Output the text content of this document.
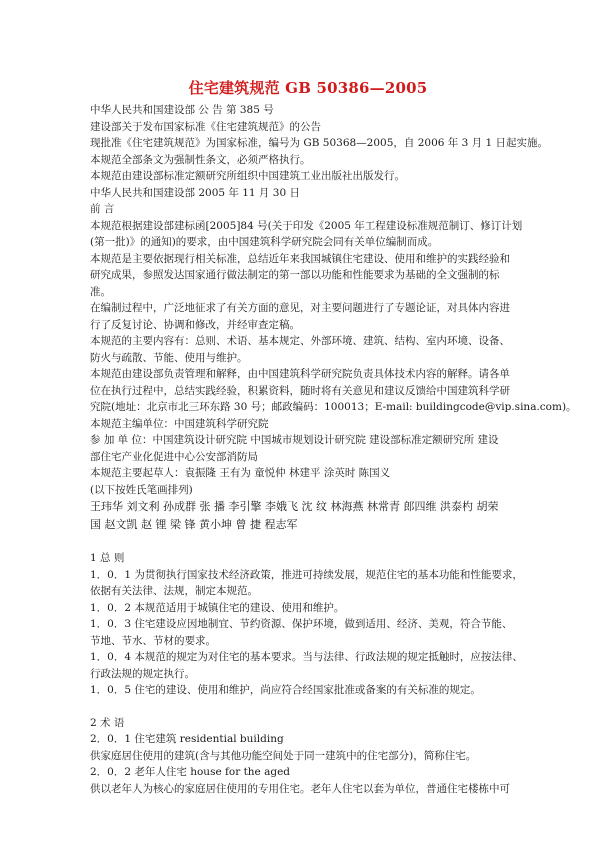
住宅建筑规范 GB 50386—2005
中华人民共和国建设部 公 告 第 385 号
建设部关于发布国家标准《住宅建筑规范》的公告
现批准《住宅建筑规范》为国家标准，编号为 GB 50368—2005，自 2006 年 3 月 1 日起实施。
本规范全部条文为强制性条文，必须严格执行。
本规范由建设部标准定额研究所组织中国建筑工业出版社出版发行。
中华人民共和国建设部 2005 年 11 月 30 日
前 言

本规范根据建设部建标函[2005]84 号(关于印发《2005 年工程建设标准规范制订、修订计划
(第一批)》的通知)的要求，由中国建筑科学研究院会同有关单位编制而成。

本规范是主要依据现行相关标准，总结近年来我国城镇住宅建设、使用和维护的实践经验和
研究成果，参照发达国家通行做法制定的第一部以功能和性能要求为基础的全文强制的标
准。

在编制过程中，广泛地征求了有关方面的意见，对主要问题进行了专题论证，对具体内容进
行了反复讨论、协调和修改，并经审查定稿。

本规范的主要内容有：总则、术语、基本规定、外部环境、建筑、结构、室内环境、设备、
防火与疏散、节能、使用与维护。

本规范由建设部负责管理和解释，由中国建筑科学研究院负责具体技术内容的解释。请各单
位在执行过程中，总结实践经验，积累资料，随时将有关意见和建议反馈给中国建筑科学研
究院(地址：北京市北三环东路 30 号；邮政编码：100013；E-mail: buildingcode@vip.sina.com)。

本规范主编单位：中国建筑科学研究院

参 加 单 位：中国建筑设计研究院 中国城市规划设计研究院 建设部标准定额研究所 建设
部住宅产业化促进中心公安部消防局

本规范主要起草人：袁振隆 王有为 童悦仲 林建平 涂英时 陈国义
(以下按姓氏笔画排列)

王玮华 刘文利 孙成群 张 播 李引擎 李娥飞 沈 纹 林海燕 林常青 郎四维 洪泰杓 胡荣
国 赵文凯 赵 锂 梁 锋 黄小坤 曾 捷 程志军

1 总 则

1．0．1 为贯彻执行国家技术经济政策，推进可持续发展，规范住宅的基本功能和性能要求，
依据有关法律、法规，制定本规范。

1．0．2 本规范适用于城镇住宅的建设、使用和维护。

1．0．3 住宅建设应因地制宜、节约资源、保护环境，做到适用、经济、美观，符合节能、
节地、节水、节材的要求。

1．0．4 本规范的规定为对住宅的基本要求。当与法律、行政法规的规定抵触时，应按法律、
行政法规的规定执行。

1．0．5 住宅的建设、使用和维护，尚应符合经国家批准或备案的有关标准的规定。

2 术 语
2．0．1 住宅建筑 residential building
供家庭居住使用的建筑(含与其他功能空间处于同一建筑中的住宅部分)，简称住宅。
2．0．2 老年人住宅 house for the aged
供以老年人为核心的家庭居住使用的专用住宅。老年人住宅以套为单位，普通住宅楼栋中可
